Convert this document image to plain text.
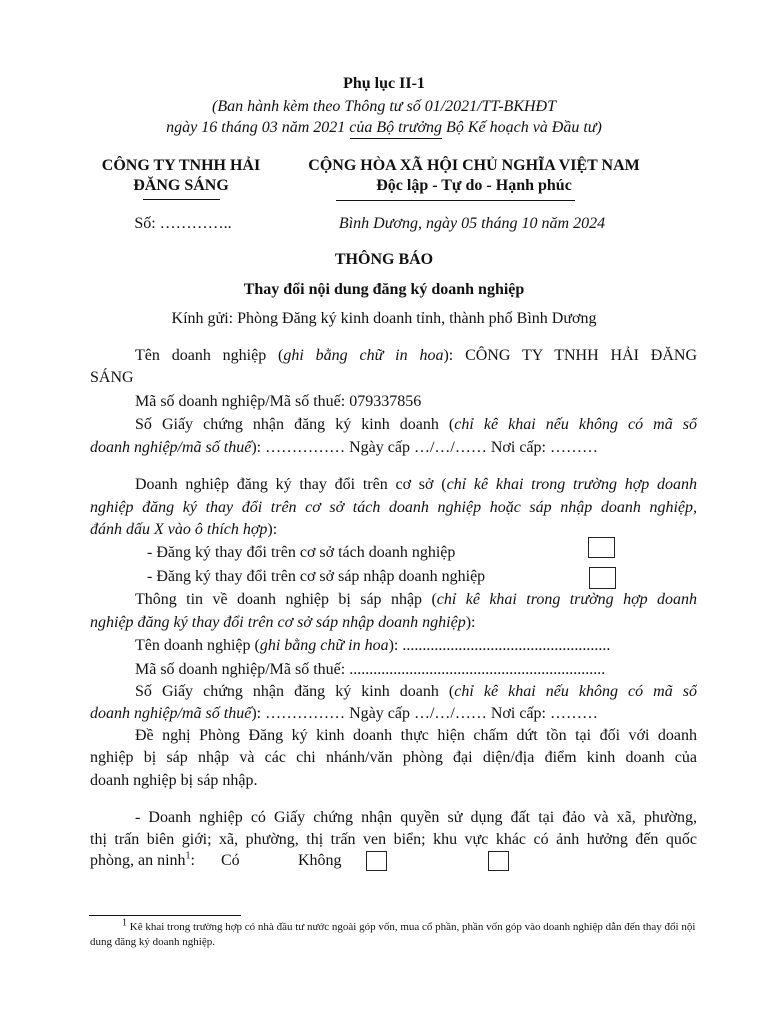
Phụ lục II-1
(Ban hành kèm theo Thông tư số 01/2021/TT-BKHĐT
ngày 16 tháng 03 năm 2021 của Bộ trưởng Bộ Kế hoạch và Đầu tư)
CÔNG TY TNHH HẢI
ĐĂNG SÁNG
CỘNG HÒA XÃ HỘI CHỦ NGHĨA VIỆT NAM
Độc lập - Tự do - Hạnh phúc
Số: …………..	Bình Dương, ngày 05 tháng 10 năm 2024
THÔNG BÁO
Thay đổi nội dung đăng ký doanh nghiệp
Kính gửi: Phòng Đăng ký kinh doanh tỉnh, thành phố Bình Dương
Tên doanh nghiệp (ghi bằng chữ in hoa): CÔNG TY TNHH HẢI ĐĂNG
SÁNG
Mã số doanh nghiệp/Mã số thuế: 079337856
Số Giấy chứng nhận đăng ký kinh doanh (chỉ kê khai nếu không có mã số
doanh nghiệp/mã số thuế): …………… Ngày cấp …/…/…… Nơi cấp: ………
Doanh nghiệp đăng ký thay đổi trên cơ sở (chỉ kê khai trong trường hợp doanh
nghiệp đăng ký thay đổi trên cơ sở tách doanh nghiệp hoặc sáp nhập doanh nghiệp,
đánh dấu X vào ô thích hợp):
- Đăng ký thay đổi trên cơ sở tách doanh nghiệp
- Đăng ký thay đổi trên cơ sở sáp nhập doanh nghiệp
Thông tin về doanh nghiệp bị sáp nhập (chỉ kê khai trong trường hợp doanh
nghiệp đăng ký thay đổi trên cơ sở sáp nhập doanh nghiệp):
Tên doanh nghiệp (ghi bằng chữ in hoa): ....................................................
Mã số doanh nghiệp/Mã số thuế: ................................................................
Số Giấy chứng nhận đăng ký kinh doanh (chỉ kê khai nếu không có mã số
doanh nghiệp/mã số thuế): …………… Ngày cấp …/…/…… Nơi cấp: ………
Đề nghị Phòng Đăng ký kinh doanh thực hiện chấm dứt tồn tại đối với doanh
nghiệp bị sáp nhập và các chi nhánh/văn phòng đại diện/địa điểm kinh doanh của
doanh nghiệp bị sáp nhập.
- Doanh nghiệp có Giấy chứng nhận quyền sử dụng đất tại đảo và xã, phường,
thị trấn biên giới; xã, phường, thị trấn ven biển; khu vực khác có ảnh hưởng đến quốc
phòng, an ninh$^1$: Có	Không
$^1$ Kê khai trong trường hợp có nhà đầu tư nước ngoài góp vốn, mua cổ phần, phần vốn góp vào doanh nghiệp dẫn đến thay đổi nội dung đăng ký doanh nghiệp.
